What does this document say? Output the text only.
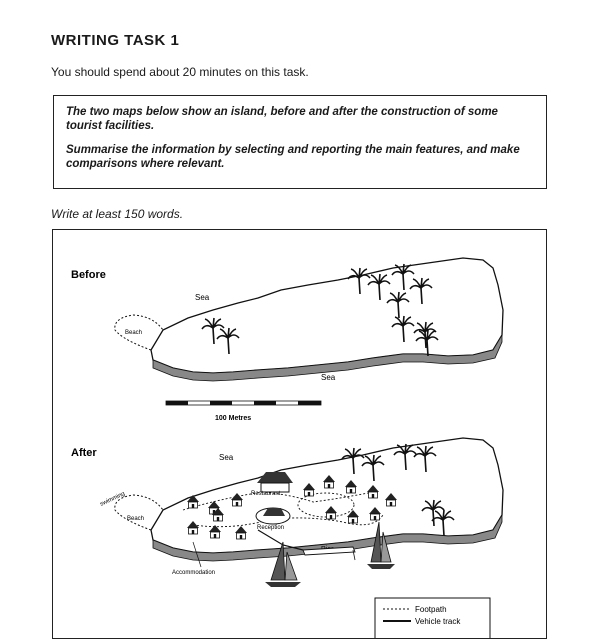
WRITING TASK 1
You should spend about 20 minutes on this task.

The two maps below show an island, before and after the construction of some tourist facilities.

Summarise the information by selecting and reporting the main features, and make comparisons where relevant.

Write at least 150 words.
Before
Sea
Sea
Beach
100 Metres
After	Sea
swimming
Beach
Restaurant
Reception
Accommodation
Footpath
Vehicle track
